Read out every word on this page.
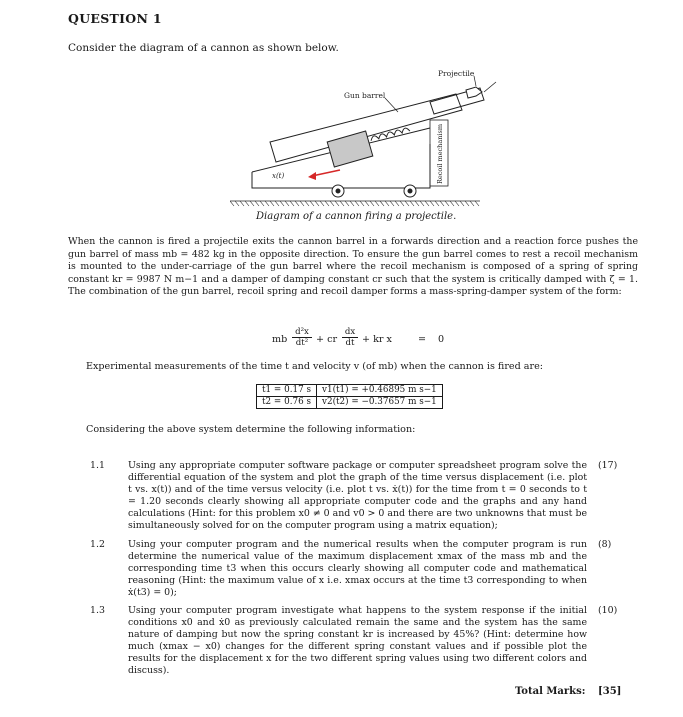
QUESTION 1
Consider the diagram of a cannon as shown below.
Projectile
Gun barrel
x(t)	Recoil mechanism
Diagram of a cannon firing a projectile.
When the cannon is fired a projectile exits the cannon barrel in a forwards direction and a reaction force pushes the gun barrel of mass mb = 482 kg in the opposite direction. To ensure the gun barrel comes to rest a recoil mechanism is mounted to the under-carriage of the gun barrel where the recoil mechanism is composed of a spring of spring constant kr = 9987 N m−1 and a damper of damping constant cr such that the system is critically damped with ζ = 1. The combination of the gun barrel, recoil spring and recoil damper forms a mass-spring-damper system of the form:
mb $\frac{\text{d²x}}{\text{dt²}}$ + cr $\frac{dx}{dt}$ + kr x	= 0
Experimental measurements of the time t and velocity v (of mb) when the cannon is fired are:
t1 = 0.17 s	v1(t1) = +0.46895 m s−1
t2 = 0.76 s	v2(t2) = −0.37657 m s−1
Considering the above system determine the following information:
1.1 Using any appropriate computer software package or computer spreadsheet program solve the differential equation of the system and plot the graph of the time versus displacement (i.e. plot t vs. x(t)) and of the time versus velocity (i.e. plot t vs. ẋ(t)) for the time from t = 0 seconds to t = 1.20 seconds clearly showing all appropriate computer code and the graphs and any hand calculations (Hint: for this problem x0 ≠ 0 and v0 > 0 and there are two unknowns that must be simultaneously solved for on the computer program using a matrix equation);
(17)
1.2 Using your computer program and the numerical results when the computer program is run determine the numerical value of the maximum displacement xmax of the mass mb and the corresponding time t3 when this occurs clearly showing all computer code and mathematical reasoning (Hint: the maximum value of x i.e. xmax occurs at the time t3 corresponding to when ẋ(t3) = 0);
(8)
1.3 Using your computer program investigate what happens to the system response if the initial conditions x0 and ẋ0 as previously calculated remain the same and the system has the same nature of damping but now the spring constant kr is increased by 45%? (Hint: determine how much (xmax − x0) changes for the different spring constant values and if possible plot the results for the displacement x for the two different spring values using two different colors and discuss).
(10)
Total Marks: [35]
